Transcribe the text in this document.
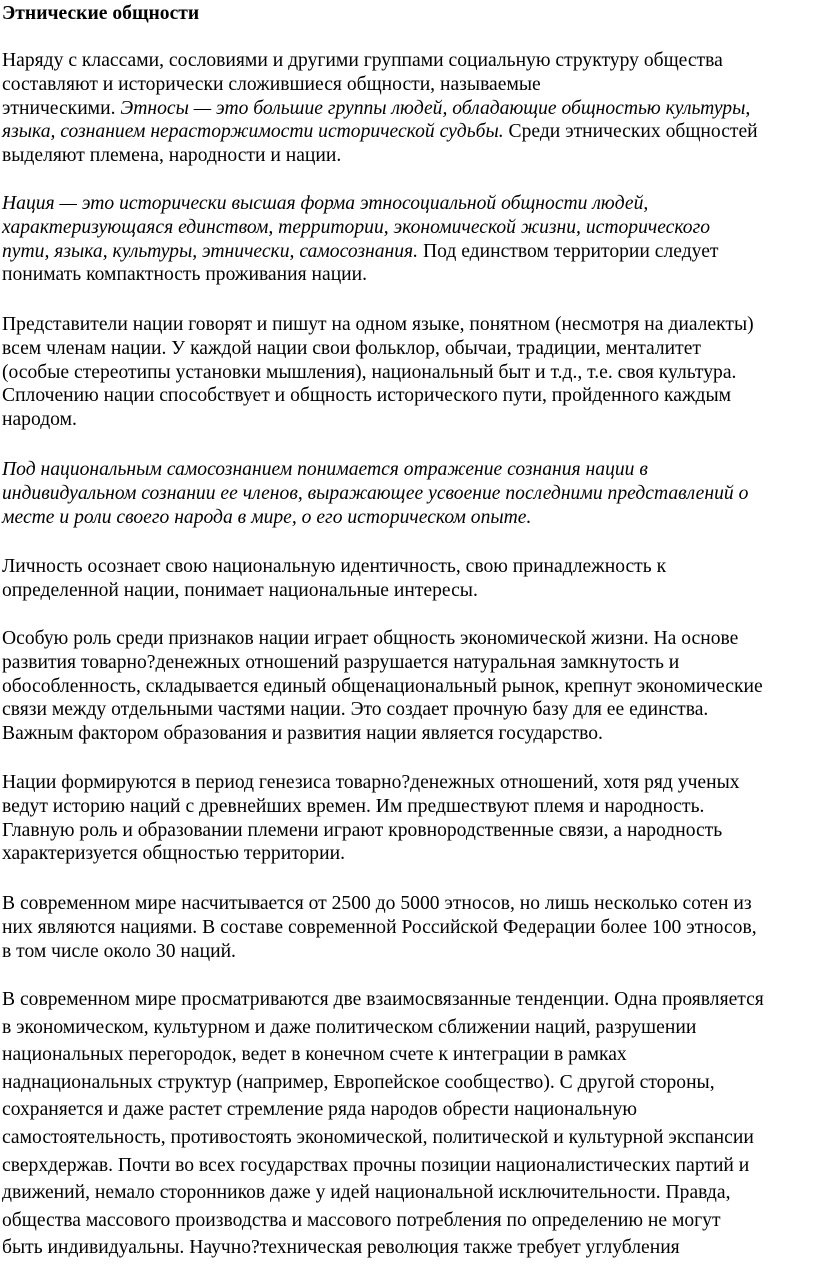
Этнические общности

Наряду с классами, сословиями и другими группами социальную структуру общества
составляют и исторически сложившиеся общности, называемые
этническими. Этносы — это большие группы людей, обладающие общностью культуры,
языка, сознанием нерасторжимости исторической судьбы. Среди этнических общностей
выделяют племена, народности и нации.

Нация — это исторически высшая форма этносоциальной общности людей,
характеризующаяся единством, территории, экономической жизни, исторического
пути, языка, культуры, этнически, самосознания. Под единством территории следует
понимать компактность проживания нации.

Представители нации говорят и пишут на одном языке, понятном (несмотря на диалекты)
всем членам нации. У каждой нации свои фольклор, обычаи, традиции, менталитет
(особые стереотипы установки мышления), национальный быт и т.д., т.е. своя культура.
Сплочению нации способствует и общность исторического пути, пройденного каждым
народом.

Под национальным самосознанием понимается отражение сознания нации в
индивидуальном сознании ее членов, выражающее усвоение последними представлений о
месте и роли своего народа в мире, о его историческом опыте.

Личность осознает свою национальную идентичность, свою принадлежность к
определенной нации, понимает национальные интересы.

Особую роль среди признаков нации играет общность экономической жизни. На основе
развития товарно?денежных отношений разрушается натуральная замкнутость и
обособленность, складывается единый общенациональный рынок, крепнут экономические
связи между отдельными частями нации. Это создает прочную базу для ее единства.
Важным фактором образования и развития нации является государство.

Нации формируются в период генезиса товарно?денежных отношений, хотя ряд ученых
ведут историю наций с древнейших времен. Им предшествуют племя и народность.
Главную роль и образовании племени играют кровнородственные связи, а народность
характеризуется общностью территории.

В современном мире насчитывается от 2500 до 5000 этносов, но лишь несколько сотен из
них являются нациями. В составе современной Российской Федерации более 100 этносов,
в том числе около 30 наций.

В современном мире просматриваются две взаимосвязанные тенденции. Одна проявляется
в экономическом, культурном и даже политическом сближении наций, разрушении
национальных перегородок, ведет в конечном счете к интеграции в рамках
наднациональных структур (например, Европейское сообщество). С другой стороны,
сохраняется и даже растет стремление ряда народов обрести национальную
самостоятельность, противостоять экономической, политической и культурной экспансии
сверхдержав. Почти во всех государствах прочны позиции националистических партий и
движений, немало сторонников даже у идей национальной исключительности. Правда,
общества массового производства и массового потребления по определению не могут
быть индивидуальны. Научно?техническая революция также требует углубления
